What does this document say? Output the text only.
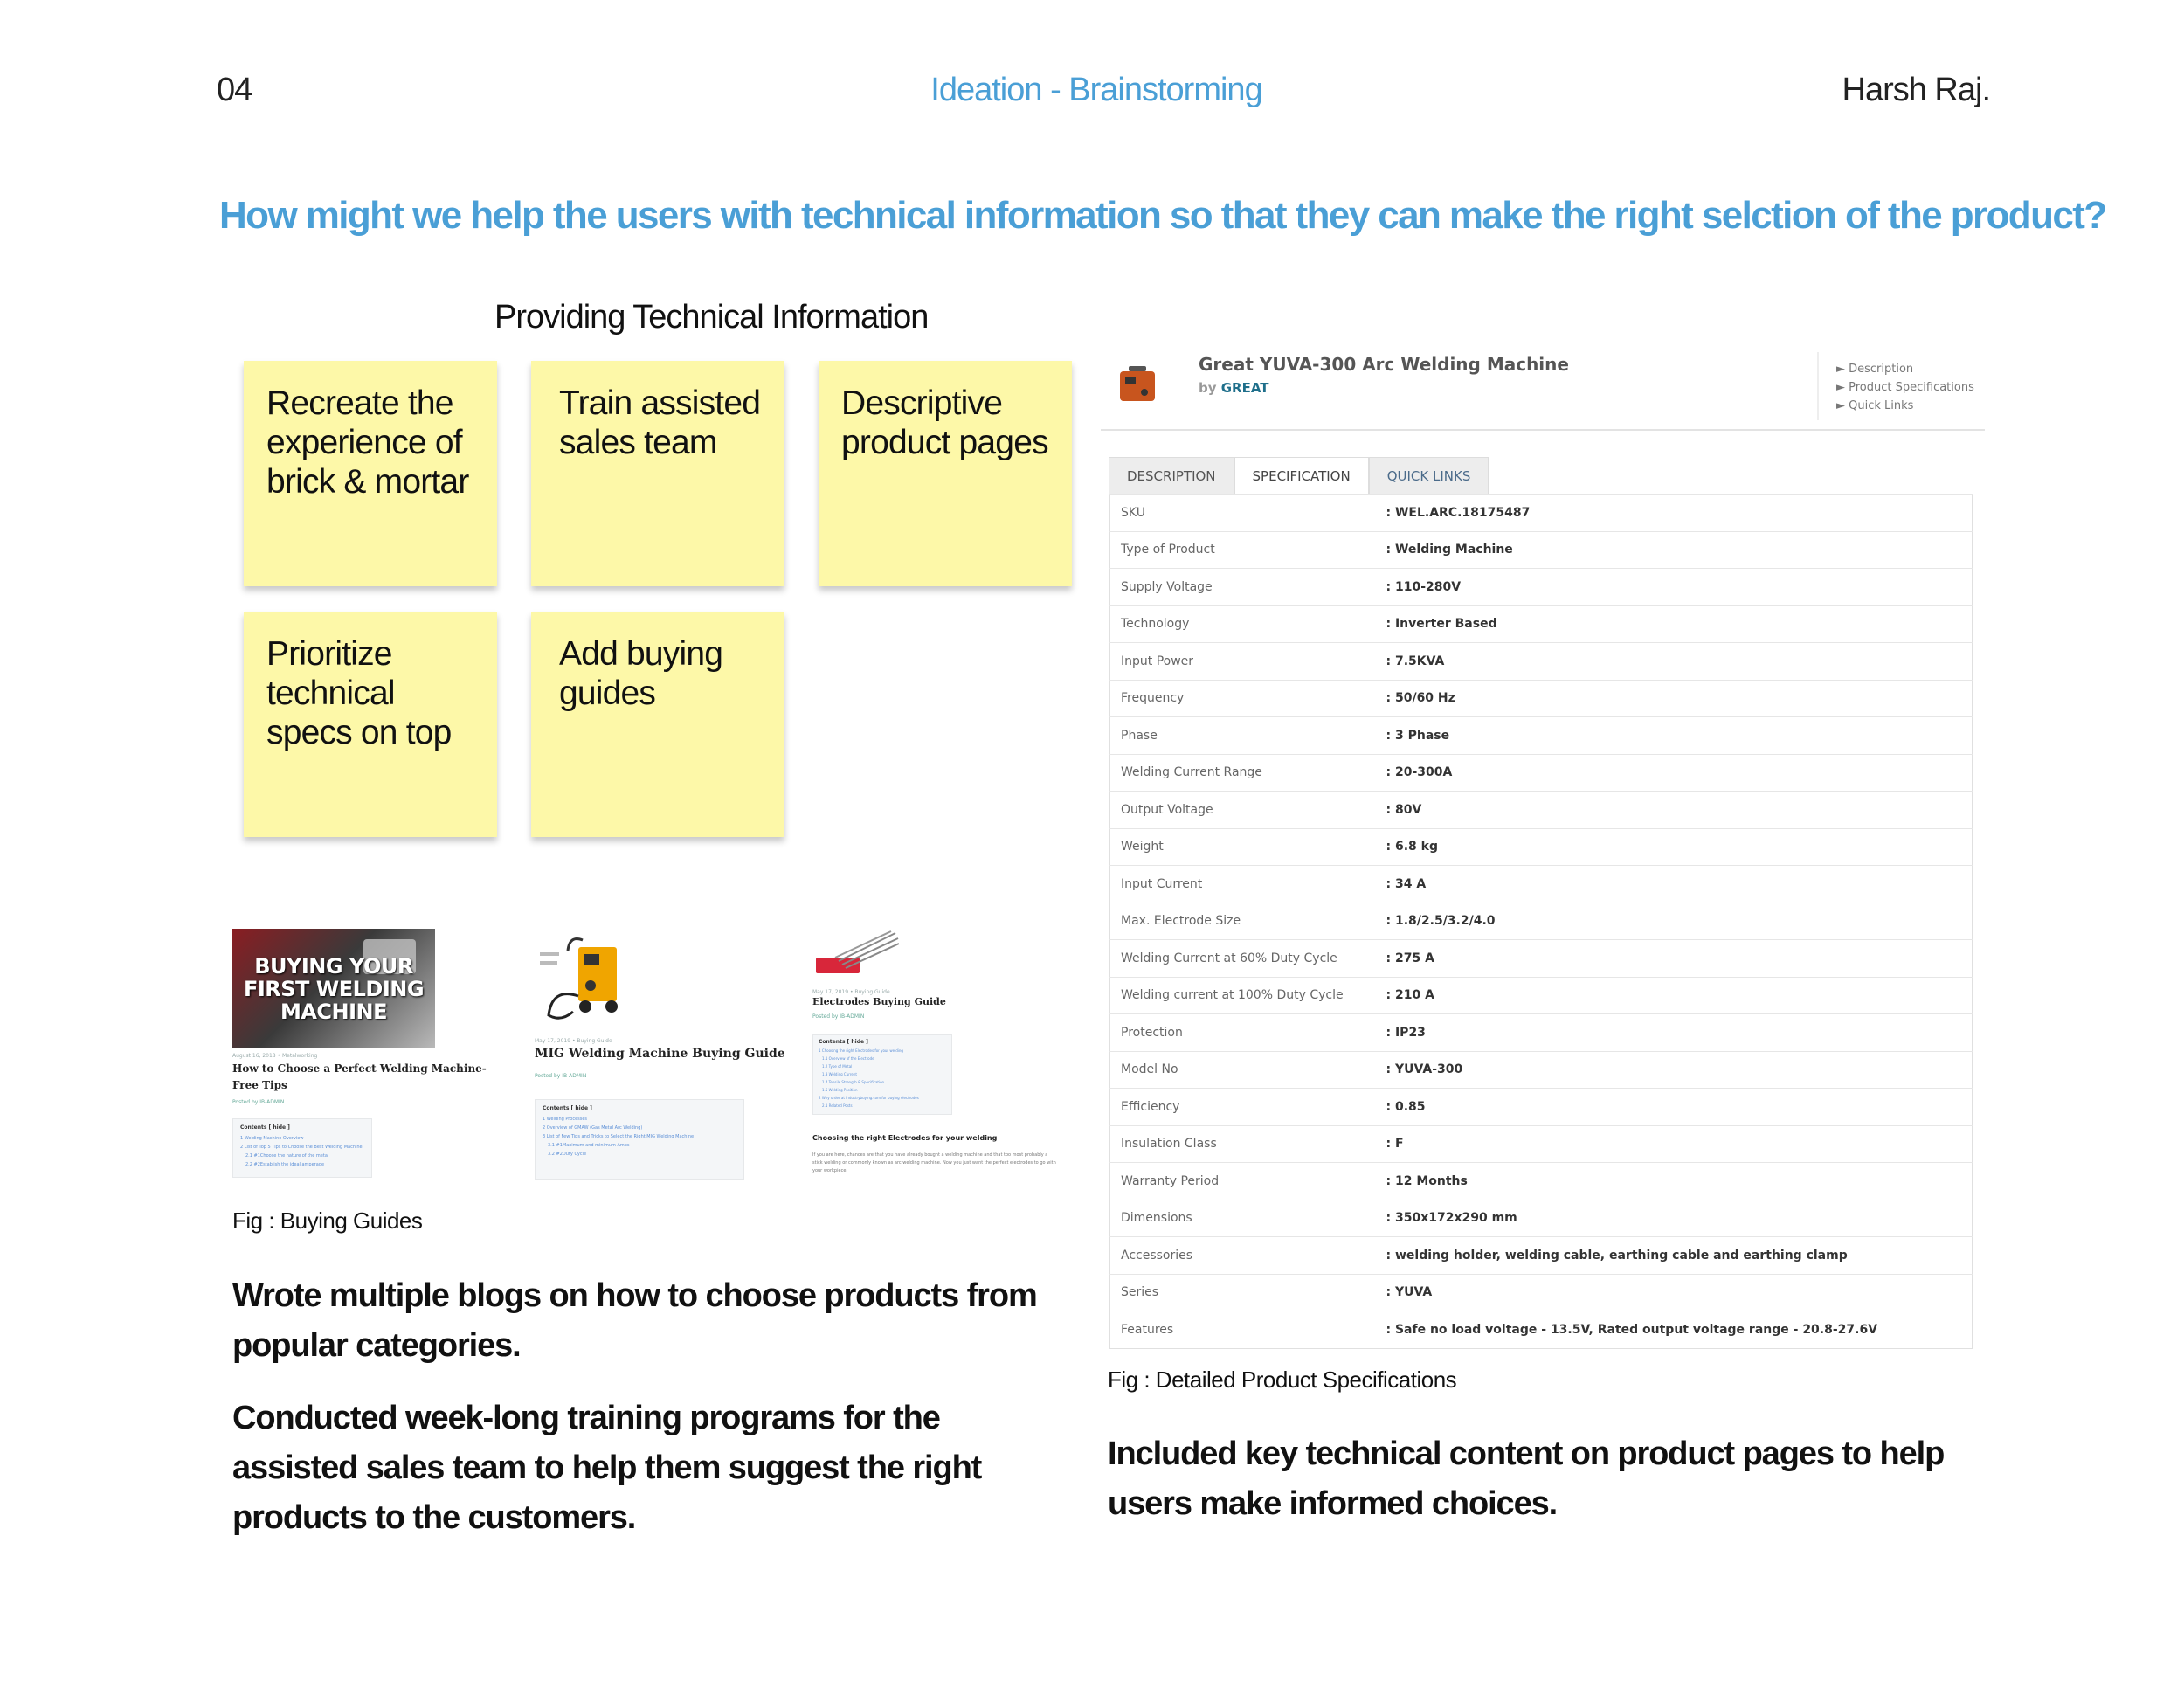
04	Ideation - Brainstorming	Harsh Raj.
How might we help the users with technical information so that they can make the right selction of the product?
Providing Technical Information
Recreate the experience of brick & mortar
Train assisted sales team
Descriptive product pages
Prioritize technical specs on top
Add buying guides
BUYING YOUR FIRST WELDING MACHINE
August 16, 2018 • Metalworking
How to Choose a Perfect Welding Machine- Free Tips
Posted by IB-ADMIN
Contents [ hide ]
1 Welding Machine Overview
2 List of Top 5 Tips to Choose the Best Welding Machine
2.1 #1Choose the nature of the metal
2.2 #2Establish the ideal amperage
May 17, 2019 • Buying Guide
MIG Welding Machine Buying Guide
Posted by IB-ADMIN
Contents [ hide ]
1 Welding Processes
2 Overview of GMAW (Gas Metal Arc Welding)
3 List of Few Tips and Tricks to Select the Right MIG Welding Machine
3.1 #1Maximum and minimum Amps
3.2 #2Duty Cycle
May 17, 2019 • Buying Guide
Electrodes Buying Guide
Posted by IB-ADMIN
Contents [ hide ]
1 Choosing the right Electrodes for your welding
1.1 Overview of the Electrode
1.2 Type of Metal
1.3 Welding Current
1.4 Tensile Strength & Specification
1.5 Welding Position
2 Why order at industrybuying.com for buying electrodes
2.1 Related Posts
Choosing the right Electrodes for your welding
If you are here, chances are that you have already bought a welding machine and that too most probably a stick welding or commonly known as arc welding machine. Now you just want the perfect electrodes to go with your workpiece.
Fig : Buying Guides
Wrote multiple blogs on how to choose products from popular categories.
Conducted week-long training programs for the assisted sales team to help them suggest the right products to the customers.
Great YUVA-300 Arc Welding Machine
by GREAT
► Description
► Product Specifications
► Quick Links
DESCRIPTION	SPECIFICATION	QUICK LINKS
SKU	: WEL.ARC.18175487
Type of Product	: Welding Machine
Supply Voltage	: 110-280V
Technology	: Inverter Based
Input Power	: 7.5KVA
Frequency	: 50/60 Hz
Phase	: 3 Phase
Welding Current Range	: 20-300A
Output Voltage	: 80V
Weight	: 6.8 kg
Input Current	: 34 A
Max. Electrode Size	: 1.8/2.5/3.2/4.0
Welding Current at 60% Duty Cycle	: 275 A
Welding current at 100% Duty Cycle	: 210 A
Protection	: IP23
Model No	: YUVA-300
Efficiency	: 0.85
Insulation Class	: F
Warranty Period	: 12 Months
Dimensions	: 350x172x290 mm
Accessories	: welding holder, welding cable, earthing cable and earthing clamp
Series	: YUVA
Features	: Safe no load voltage - 13.5V, Rated output voltage range - 20.8-27.6V
Fig : Detailed Product Specifications
Included key technical content on product pages to help users make informed choices.
